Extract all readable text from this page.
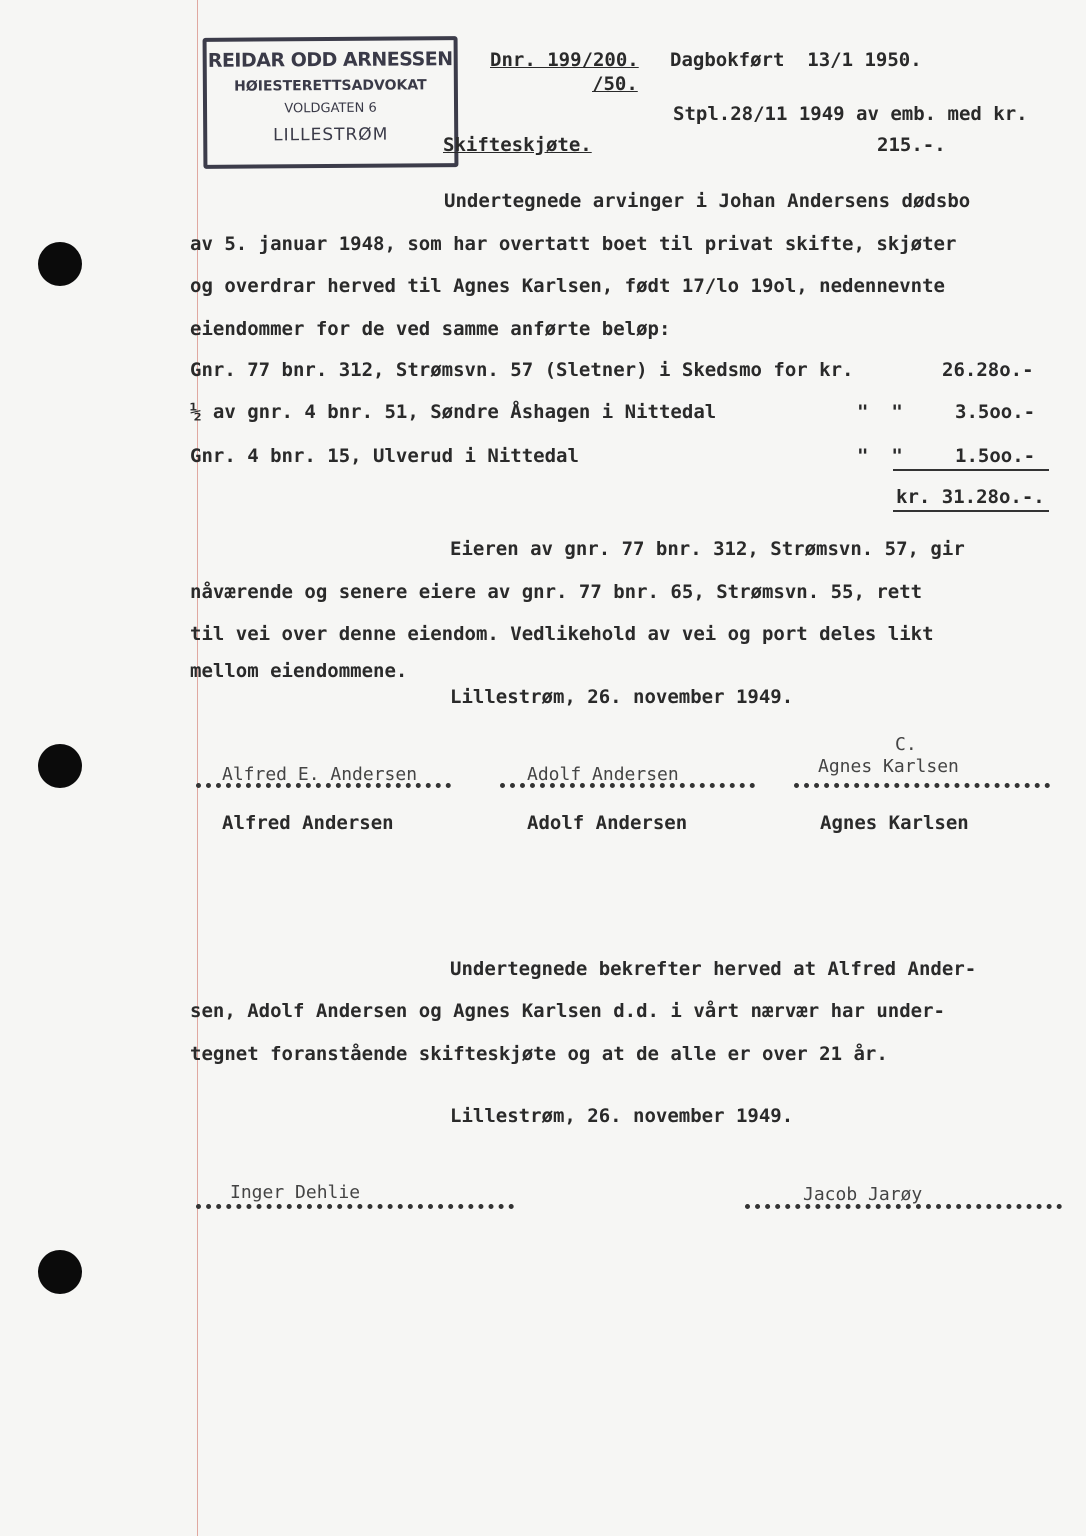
REIDAR ODD ARNESSEN
HØIESTERETTSADVOKAT
VOLDGATEN 6
LILLESTRØM
Dnr. 199/200. Dagbokført  13/1 1950.
/50.
Stpl.28/11 1949 av emb. med kr.
215.-.
Skifteskjøte.
Undertegnede arvinger i Johan Andersens dødsbo
av 5. januar 1948, som har overtatt boet til privat skifte, skjøter
og overdrar herved til Agnes Karlsen, født 17/lo 19ol, nedennevnte
eiendommer for de ved samme anførte beløp:
Gnr. 77 bnr. 312, Strømsvn. 57 (Sletner) i Skedsmo for kr.	26.28o.-
½ av gnr. 4 bnr. 51, Søndre Åshagen i Nittedal	"  "	3.5oo.-
Gnr. 4 bnr. 15, Ulverud i Nittedal	"  "	1.5oo.-
kr. 31.28o.-.
Eieren av gnr. 77 bnr. 312, Strømsvn. 57, gir
nåværende og senere eiere av gnr. 77 bnr. 65, Strømsvn. 55, rett
til vei over denne eiendom. Vedlikehold av vei og port deles likt
mellom eiendommene.
Lillestrøm, 26. november 1949.
Alfred E. Andersen
Alfred Andersen
Adolf Andersen
Adolf Andersen
C.
Agnes Karlsen
Agnes Karlsen
Undertegnede bekrefter herved at Alfred Ander-
sen, Adolf Andersen og Agnes Karlsen d.d. i vårt nærvær har under-
tegnet foranstående skifteskjøte og at de alle er over 21 år.
Lillestrøm, 26. november 1949.
Inger Dehlie	Jacob Jarøy
